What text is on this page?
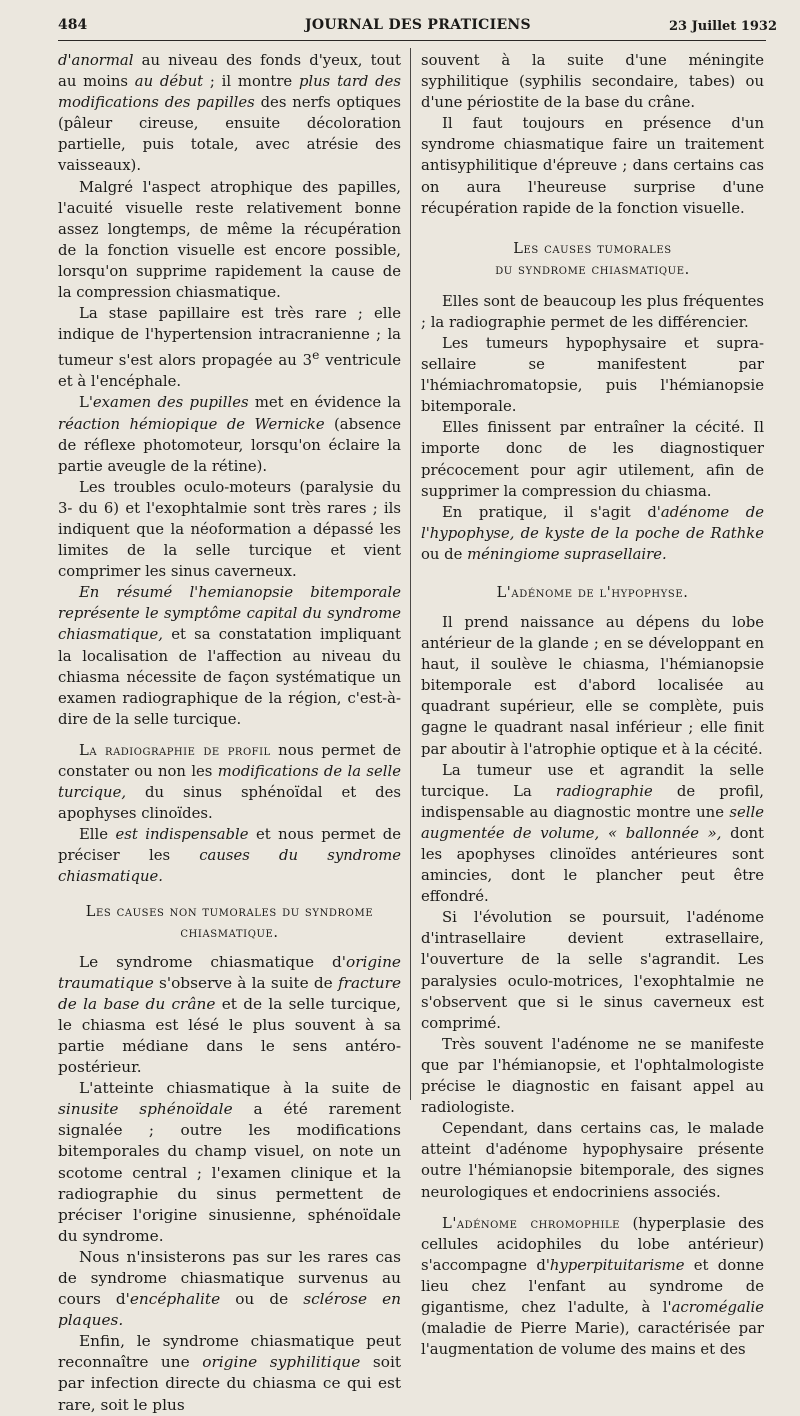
484	JOURNAL DES PRATICIENS	23 Juillet 1932

d'anormal au niveau des fonds d'yeux, tout au moins au début ; il montre plus tard des modifications des papilles des nerfs optiques (pâleur cireuse, ensuite décoloration partielle, puis totale, avec atrésie des vaisseaux).

Malgré l'aspect atrophique des papilles, l'acuité visuelle reste relativement bonne assez longtemps, de même la récupération de la fonction visuelle est encore possible, lorsqu'on supprime rapidement la cause de la compression chiasmatique.

La stase papillaire est très rare ; elle indique de l'hypertension intracranienne ; la tumeur s'est alors propagée au 3e ventricule et à l'encéphale.

L'examen des pupilles met en évidence la réaction hémiopique de Wernicke (absence de réflexe photomoteur, lorsqu'on éclaire la partie aveugle de la rétine).

Les troubles oculo-moteurs (paralysie du 3- du 6) et l'exophtalmie sont très rares ; ils indiquent que la néoformation a dépassé les limites de la selle turcique et vient comprimer les sinus caverneux.

En résumé l'hemianopsie bitemporale représente le symptôme capital du syndrome chiasmatique, et sa constatation impliquant la localisation de l'affection au niveau du chiasma nécessite de façon systématique un examen radiographique de la région, c'est-à-dire de la selle turcique.

La radiographie de profil nous permet de constater ou non les modifications de la selle turcique, du sinus sphénoïdal et des apophyses clinoïdes.

Elle est indispensable et nous permet de préciser les causes du syndrome chiasmatique.

Les causes non tumorales du syndrome
chiasmatique.

Le syndrome chiasmatique d'origine traumatique s'observe à la suite de fracture de la base du crâne et de la selle turcique, le chiasma est lésé le plus souvent à sa partie médiane dans le sens antéro-postérieur.

L'atteinte chiasmatique à la suite de sinusite sphénoïdale a été rarement signalée ; outre les modifications bitemporales du champ visuel, on note un scotome central ; l'examen clinique et la radiographie du sinus permettent de préciser l'origine sinusienne, sphénoïdale du syndrome.

Nous n'insisterons pas sur les rares cas de syndrome chiasmatique survenus au cours d'encéphalite ou de sclérose en plaques.

Enfin, le syndrome chiasmatique peut reconnaître une origine syphilitique soit par infection directe du chiasma ce qui est rare, soit le plus

souvent à la suite d'une méningite syphilitique (syphilis secondaire, tabes) ou d'une périostite de la base du crâne.

Il faut toujours en présence d'un syndrome chiasmatique faire un traitement antisyphilitique d'épreuve ; dans certains cas on aura l'heureuse surprise d'une récupération rapide de la fonction visuelle.

Les causes tumorales
du syndrome chiasmatique.

Elles sont de beaucoup les plus fréquentes ; la radiographie permet de les différencier.

Les tumeurs hypophysaire et supra-sellaire se manifestent par l'hémiachromatopsie, puis l'hémianopsie bitemporale.

Elles finissent par entraîner la cécité. Il importe donc de les diagnostiquer précocement pour agir utilement, afin de supprimer la compression du chiasma.

En pratique, il s'agit d'adénome de l'hypophyse, de kyste de la poche de Rathke ou de méningiome suprasellaire.

L'adénome de l'hypophyse.

Il prend naissance au dépens du lobe antérieur de la glande ; en se développant en haut, il soulève le chiasma, l'hémianopsie bitemporale est d'abord localisée au quadrant supérieur, elle se complète, puis gagne le quadrant nasal inférieur ; elle finit par aboutir à l'atrophie optique et à la cécité.

La tumeur use et agrandit la selle turcique. La radiographie de profil, indispensable au diagnostic montre une selle augmentée de volume, « ballonnée », dont les apophyses clinoïdes antérieures sont amincies, dont le plancher peut être effondré.

Si l'évolution se poursuit, l'adénome d'intrasellaire devient extrasellaire, l'ouverture de la selle s'agrandit. Les paralysies oculo-motrices, l'exophtalmie ne s'observent que si le sinus caverneux est comprimé.

Très souvent l'adénome ne se manifeste que par l'hémianopsie, et l'ophtalmologiste précise le diagnostic en faisant appel au radiologiste.

Cependant, dans certains cas, le malade atteint d'adénome hypophysaire présente outre l'hémianopsie bitemporale, des signes neurologiques et endocriniens associés.

L'adénome chromophile (hyperplasie des cellules acidophiles du lobe antérieur) s'accompagne d'hyperpituitarisme et donne lieu chez l'enfant au syndrome de gigantisme, chez l'adulte, à l'acromégalie (maladie de Pierre Marie), caractérisée par l'augmentation de volume des mains et des
